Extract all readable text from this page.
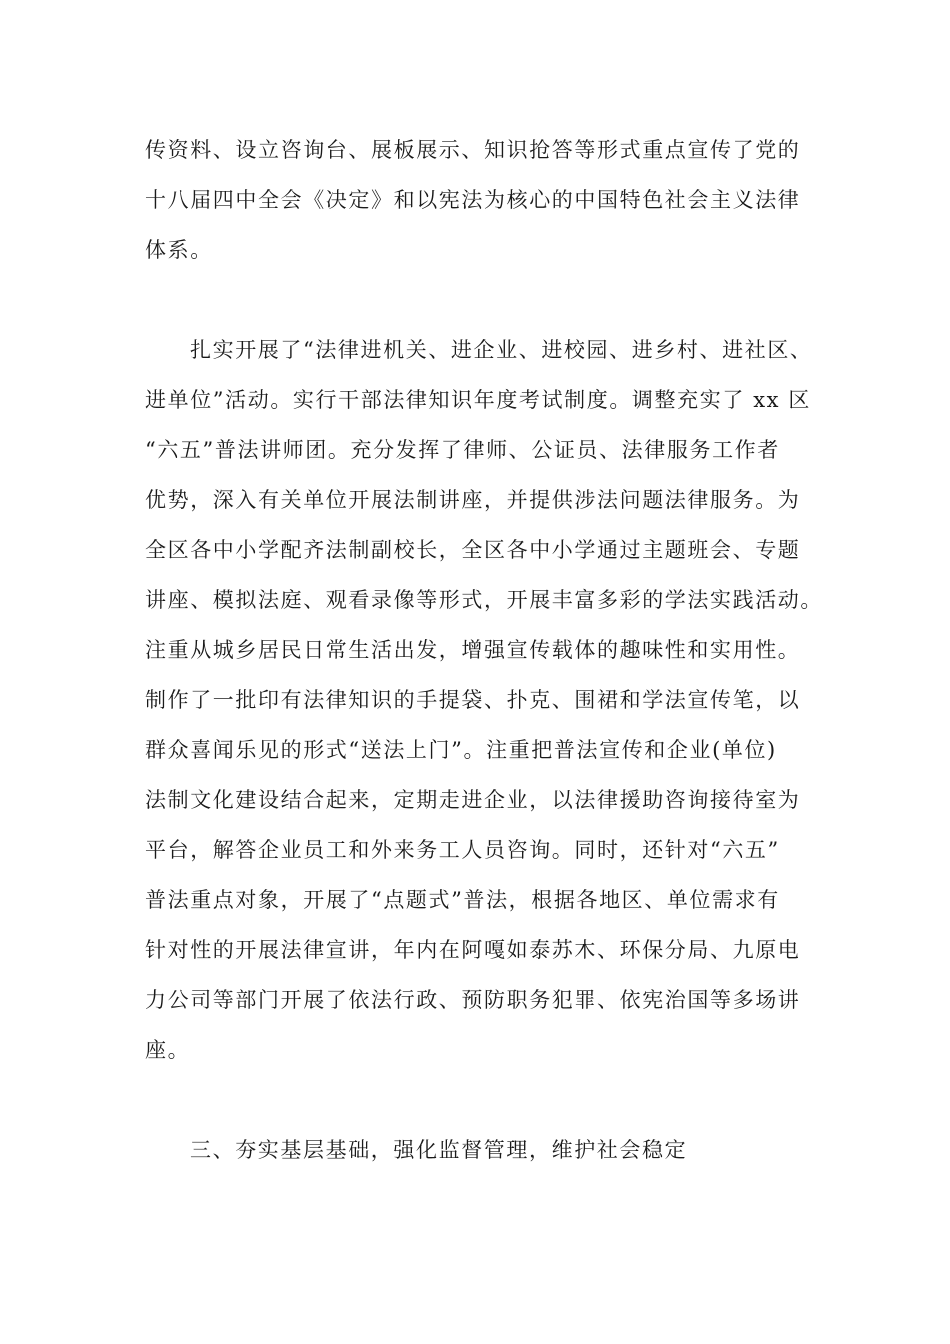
传资料、设立咨询台、展板展示、知识抢答等形式重点宣传了党的

十八届四中全会《决定》和以宪法为核心的中国特色社会主义法律

体系。

扎实开展了“法律进机关、进企业、进校园、进乡村、进社区、

进单位”活动。实行干部法律知识年度考试制度。调整充实了 xx 区

“六五”普法讲师团。充分发挥了律师、公证员、法律服务工作者

优势，深入有关单位开展法制讲座，并提供涉法问题法律服务。为

全区各中小学配齐法制副校长，全区各中小学通过主题班会、专题

讲座、模拟法庭、观看录像等形式，开展丰富多彩的学法实践活动。

注重从城乡居民日常生活出发，增强宣传载体的趣味性和实用性。

制作了一批印有法律知识的手提袋、扑克、围裙和学法宣传笔，以

群众喜闻乐见的形式“送法上门”。注重把普法宣传和企业(单位)

法制文化建设结合起来，定期走进企业，以法律援助咨询接待室为

平台，解答企业员工和外来务工人员咨询。同时，还针对“六五”

普法重点对象，开展了“点题式”普法，根据各地区、单位需求有

针对性的开展法律宣讲，年内在阿嘎如泰苏木、环保分局、九原电

力公司等部门开展了依法行政、预防职务犯罪、依宪治国等多场讲

座。

三、夯实基层基础，强化监督管理，维护社会稳定
